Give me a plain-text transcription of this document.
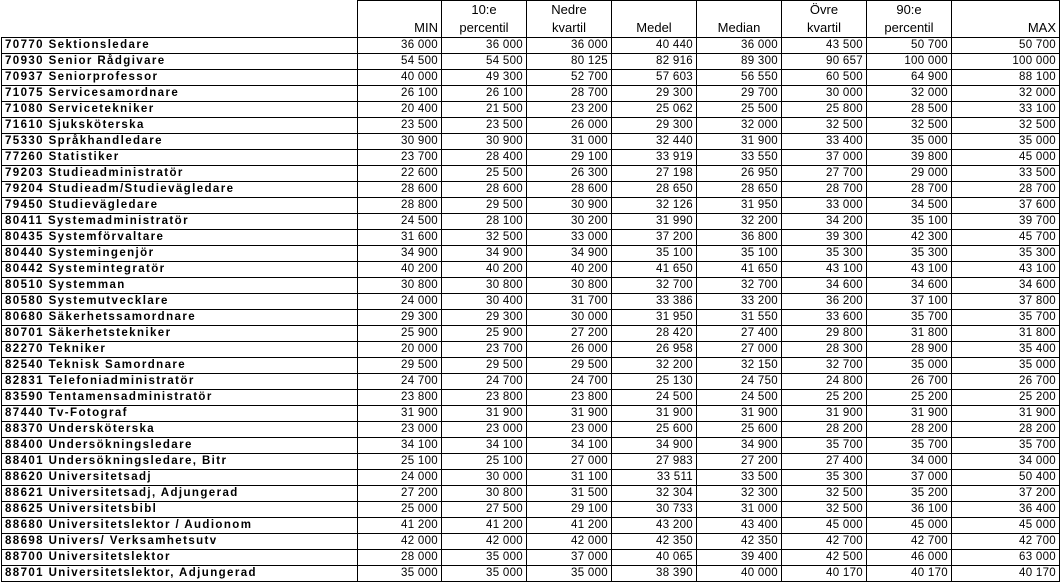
		10:e	Nedre			Övre	90:e	
	MIN	percentil	kvartil	Medel	Median	kvartil	percentil	MAX
70770 Sektionsledare	36 000	36 000	36 000	40 440	36 000	43 500	50 700	50 700
70930 Senior Rådgivare	54 500	54 500	80 125	82 916	89 300	90 657	100 000	100 000
70937 Seniorprofessor	40 000	49 300	52 700	57 603	56 550	60 500	64 900	88 100
71075 Servicesamordnare	26 100	26 100	28 700	29 300	29 700	30 000	32 000	32 000
71080 Servicetekniker	20 400	21 500	23 200	25 062	25 500	25 800	28 500	33 100
71610 Sjuksköterska	23 500	23 500	26 000	29 300	32 000	32 500	32 500	32 500
75330 Språkhandledare	30 900	30 900	31 000	32 440	31 900	33 400	35 000	35 000
77260 Statistiker	23 700	28 400	29 100	33 919	33 550	37 000	39 800	45 000
79203 Studieadministratör	22 600	25 500	26 300	27 198	26 950	27 700	29 000	33 500
79204 Studieadm/Studievägledare	28 600	28 600	28 600	28 650	28 650	28 700	28 700	28 700
79450 Studievägledare	28 800	29 500	30 900	32 126	31 950	33 000	34 500	37 600
80411 Systemadministratör	24 500	28 100	30 200	31 990	32 200	34 200	35 100	39 700
80435 Systemförvaltare	31 600	32 500	33 000	37 200	36 800	39 300	42 300	45 700
80440 Systemingenjör	34 900	34 900	34 900	35 100	35 100	35 300	35 300	35 300
80442 Systemintegratör	40 200	40 200	40 200	41 650	41 650	43 100	43 100	43 100
80510 Systemman	30 800	30 800	30 800	32 700	32 700	34 600	34 600	34 600
80580 Systemutvecklare	24 000	30 400	31 700	33 386	33 200	36 200	37 100	37 800
80680 Säkerhetssamordnare	29 300	29 300	30 000	31 950	31 550	33 600	35 700	35 700
80701 Säkerhetstekniker	25 900	25 900	27 200	28 420	27 400	29 800	31 800	31 800
82270 Tekniker	20 000	23 700	26 000	26 958	27 000	28 300	28 900	35 400
82540 Teknisk Samordnare	29 500	29 500	29 500	32 200	32 150	32 700	35 000	35 000
82831 Telefoniadministratör	24 700	24 700	24 700	25 130	24 750	24 800	26 700	26 700
83590 Tentamensadministratör	23 800	23 800	23 800	24 500	24 500	25 200	25 200	25 200
87440 Tv-Fotograf	31 900	31 900	31 900	31 900	31 900	31 900	31 900	31 900
88370 Undersköterska	23 000	23 000	23 000	25 600	25 600	28 200	28 200	28 200
88400 Undersökningsledare	34 100	34 100	34 100	34 900	34 900	35 700	35 700	35 700
88401 Undersökningsledare, Bitr	25 100	25 100	27 000	27 983	27 200	27 400	34 000	34 000
88620 Universitetsadj	24 000	30 000	31 100	33 511	33 500	35 300	37 000	50 400
88621 Universitetsadj, Adjungerad	27 200	30 800	31 500	32 304	32 300	32 500	35 200	37 200
88625 Universitetsbibl	25 000	27 500	29 100	30 733	31 000	32 500	36 100	36 400
88680 Universitetslektor / Audionom	41 200	41 200	41 200	43 200	43 400	45 000	45 000	45 000
88698 Univers/ Verksamhetsutv	42 000	42 000	42 000	42 350	42 350	42 700	42 700	42 700
88700 Universitetslektor	28 000	35 000	37 000	40 065	39 400	42 500	46 000	63 000
88701 Universitetslektor, Adjungerad	35 000	35 000	35 000	38 390	40 000	40 170	40 170	40 170
